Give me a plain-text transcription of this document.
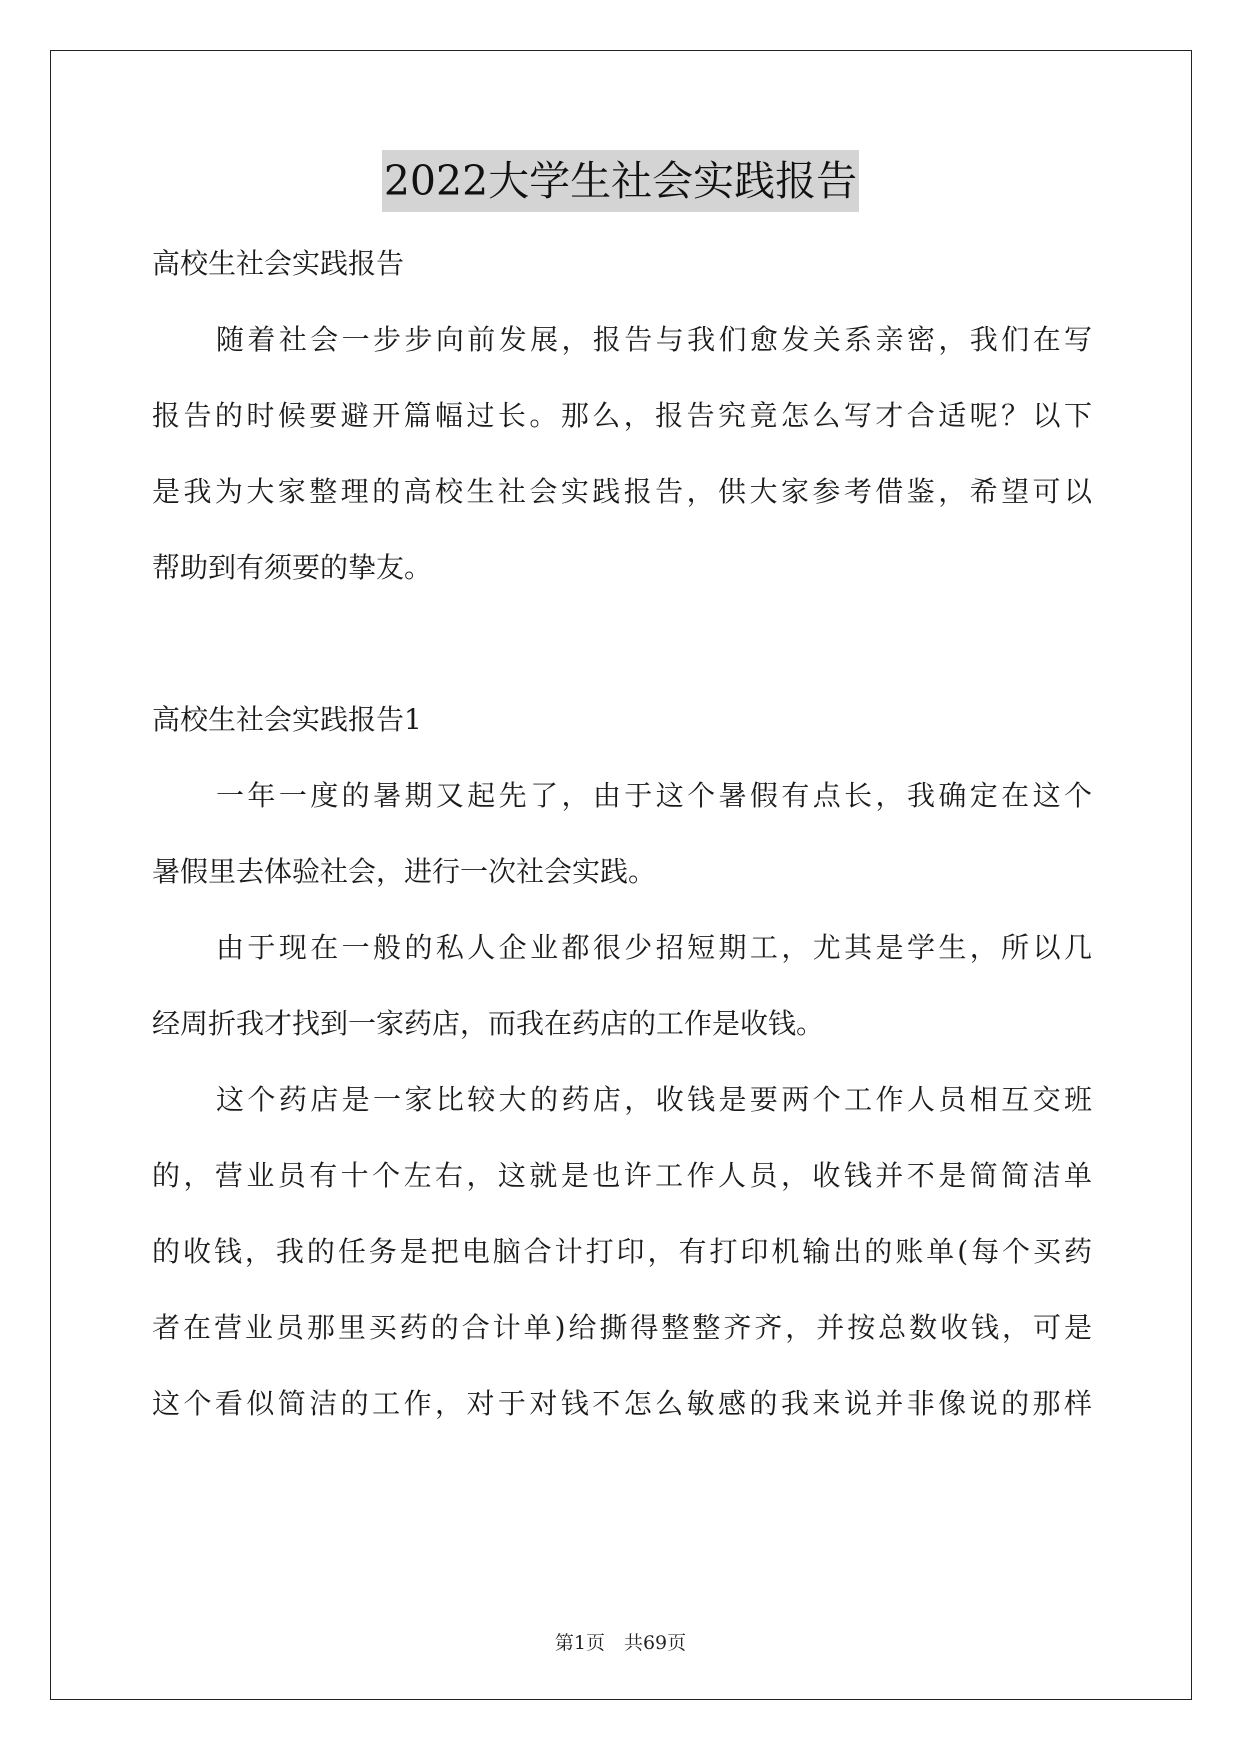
2022大学生社会实践报告
高校生社会实践报告
随着社会一步步向前发展，报告与我们愈发关系亲密，我们在写
报告的时候要避开篇幅过长。那么，报告究竟怎么写才合适呢？以下
是我为大家整理的高校生社会实践报告，供大家参考借鉴，希望可以
帮助到有须要的挚友。
高校生社会实践报告1
一年一度的暑期又起先了，由于这个暑假有点长，我确定在这个
暑假里去体验社会，进行一次社会实践。
由于现在一般的私人企业都很少招短期工，尤其是学生，所以几
经周折我才找到一家药店，而我在药店的工作是收钱。
这个药店是一家比较大的药店，收钱是要两个工作人员相互交班
的，营业员有十个左右，这就是也许工作人员，收钱并不是简简洁单
的收钱，我的任务是把电脑合计打印，有打印机输出的账单(每个买药
者在营业员那里买药的合计单)给撕得整整齐齐，并按总数收钱，可是
这个看似简洁的工作，对于对钱不怎么敏感的我来说并非像说的那样
第1页　共69页
